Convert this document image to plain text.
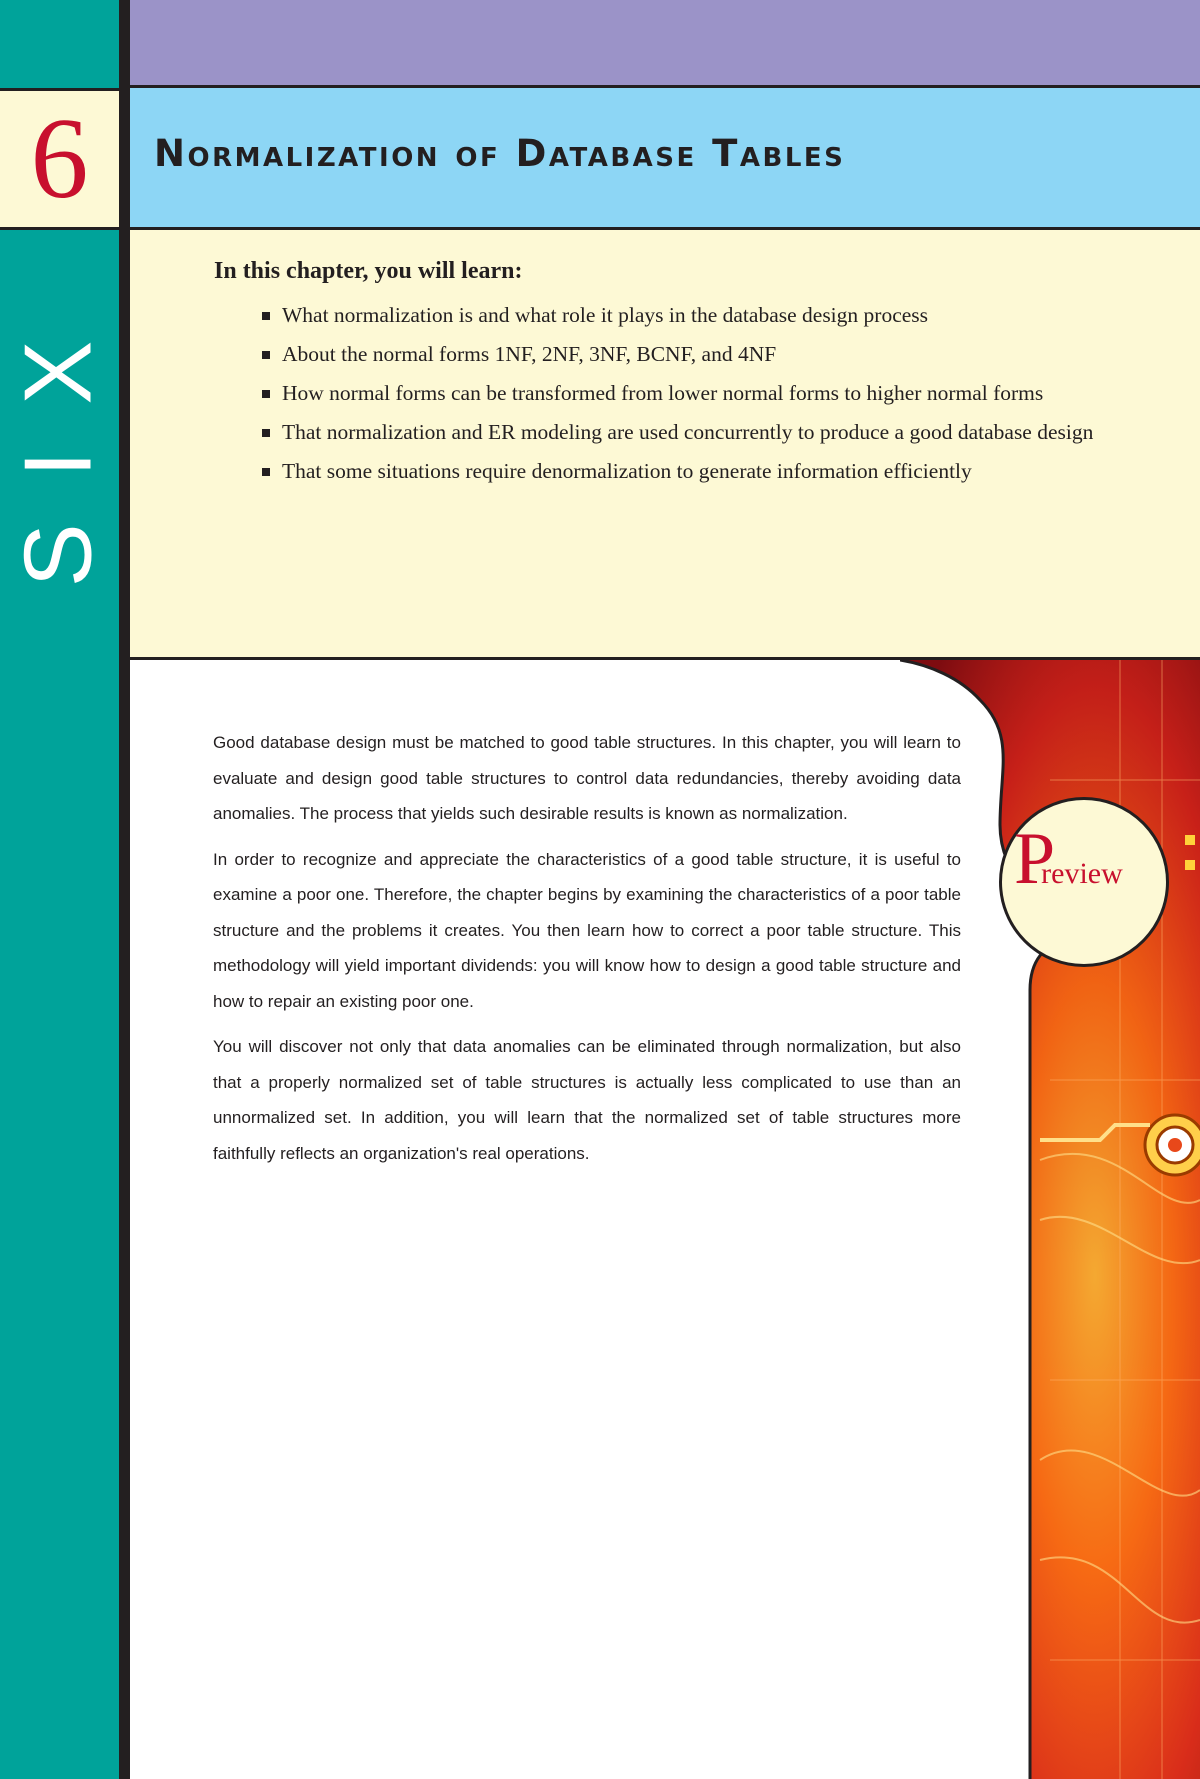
6
SIX
Normalization of Database Tables
In this chapter, you will learn:
What normalization is and what role it plays in the database design process
About the normal forms 1NF, 2NF, 3NF, BCNF, and 4NF
How normal forms can be transformed from lower normal forms to higher normal forms
That normalization and ER modeling are used concurrently to produce a good database design
That some situations require denormalization to generate information efficiently
Preview

Good database design must be matched to good table structures. In this chapter, you will learn to evaluate and design good table structures to control data redundancies, thereby avoiding data anomalies. The process that yields such desirable results is known as normalization.

In order to recognize and appreciate the characteristics of a good table structure, it is useful to examine a poor one. Therefore, the chapter begins by examining the characteristics of a poor table structure and the problems it creates. You then learn how to correct a poor table structure. This methodology will yield important dividends: you will know how to design a good table structure and how to repair an existing poor one.

You will discover not only that data anomalies can be eliminated through normalization, but also that a properly normalized set of table structures is actually less complicated to use than an unnormalized set. In addition, you will learn that the normalized set of table structures more faithfully reflects an organization's real operations.
